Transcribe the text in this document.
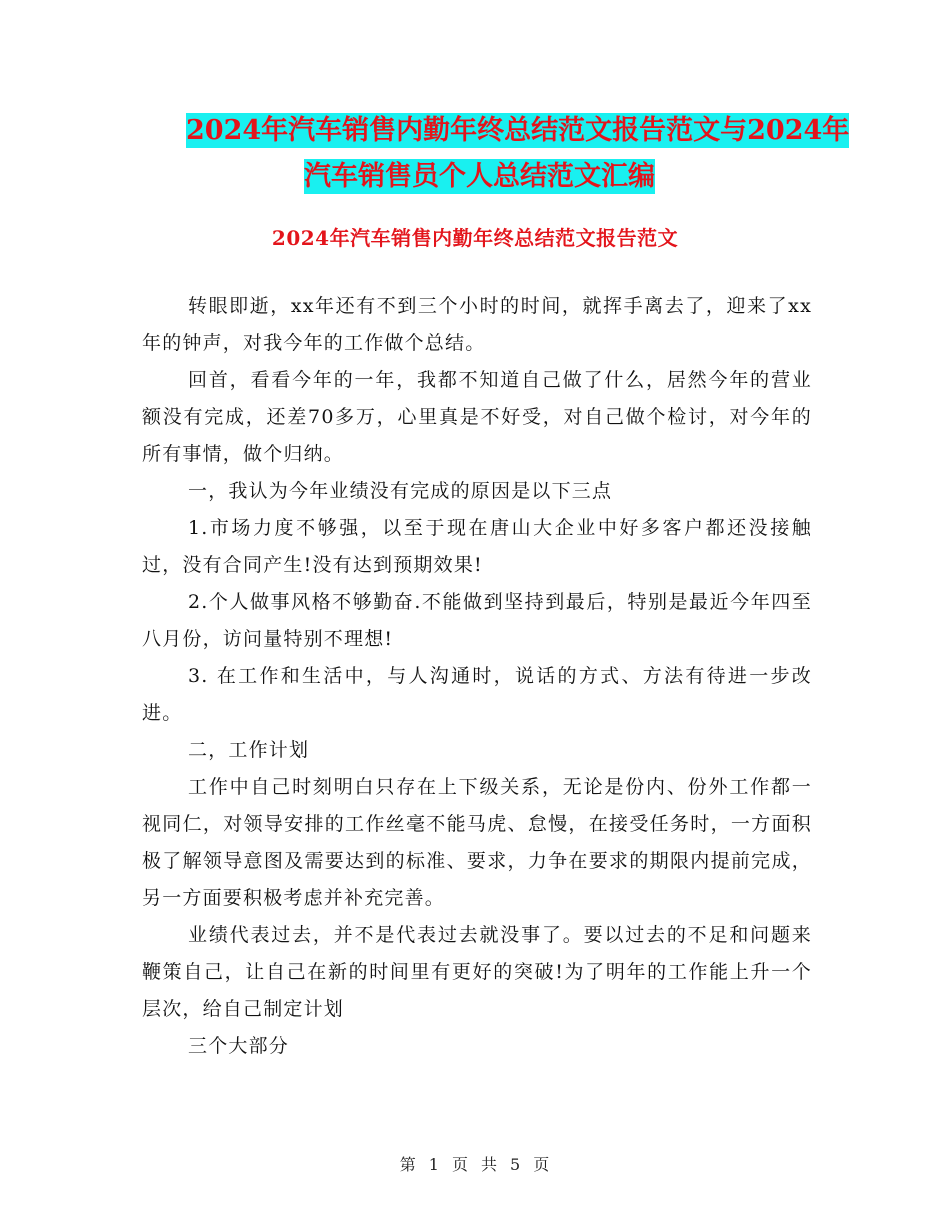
2024年汽车销售内勤年终总结范文报告范文与2024年
汽车销售员个人总结范文汇编
2024年汽车销售内勤年终总结范文报告范文

转眼即逝，xx年还有不到三个小时的时间，就挥手离去了，迎来了xx年的钟声，对我今年的工作做个总结。

回首，看看今年的一年，我都不知道自己做了什么，居然今年的营业额没有完成，还差70多万，心里真是不好受，对自己做个检讨，对今年的所有事情，做个归纳。

一，我认为今年业绩没有完成的原因是以下三点

1.市场力度不够强，以至于现在唐山大企业中好多客户都还没接触过，没有合同产生!没有达到预期效果!

2.个人做事风格不够勤奋.不能做到坚持到最后，特别是最近今年四至八月份，访问量特别不理想!

3. 在工作和生活中，与人沟通时，说话的方式、方法有待进一步改进。

二，工作计划

工作中自己时刻明白只存在上下级关系，无论是份内、份外工作都一视同仁，对领导安排的工作丝毫不能马虎、怠慢，在接受任务时，一方面积极了解领导意图及需要达到的标准、要求，力争在要求的期限内提前完成，另一方面要积极考虑并补充完善。

业绩代表过去，并不是代表过去就没事了。要以过去的不足和问题来鞭策自己，让自己在新的时间里有更好的突破!为了明年的工作能上升一个层次，给自己制定计划

三个大部分

第 1 页 共 5 页
